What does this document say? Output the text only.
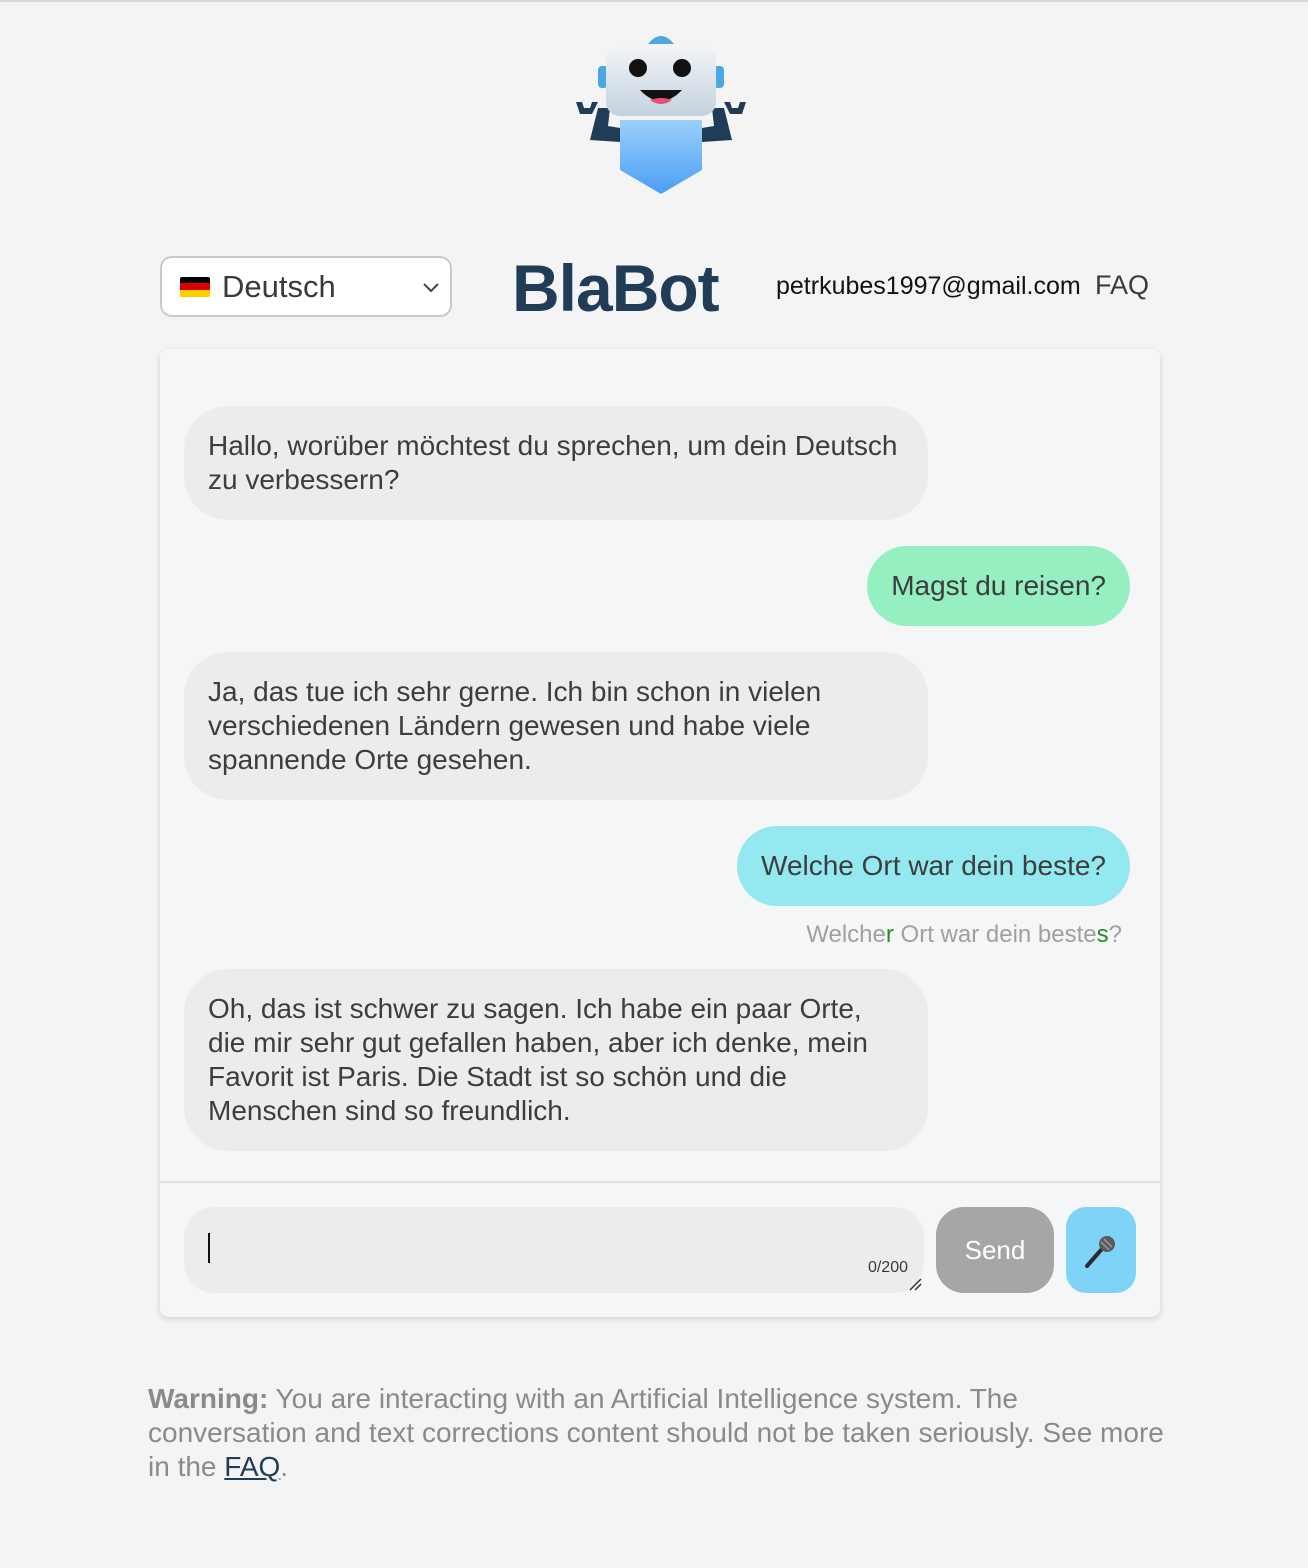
Deutsch	BlaBot petrkubes1997@gmail.com FAQ
Hallo, worüber möchtest du sprechen, um dein Deutsch zu verbessern?
Magst du reisen?
Ja, das tue ich sehr gerne. Ich bin schon in vielen verschiedenen Ländern gewesen und habe viele spannende Orte gesehen.
Welche Ort war dein beste?
Welcher Ort war dein bestes?
Oh, das ist schwer zu sagen. Ich habe ein paar Orte, die mir sehr gut gefallen haben, aber ich denke, mein Favorit ist Paris. Die Stadt ist so schön und die Menschen sind so freundlich.
0/200
Send
Warning: You are interacting with an Artificial Intelligence system. The conversation and text corrections content should not be taken seriously. See more in the FAQ.
